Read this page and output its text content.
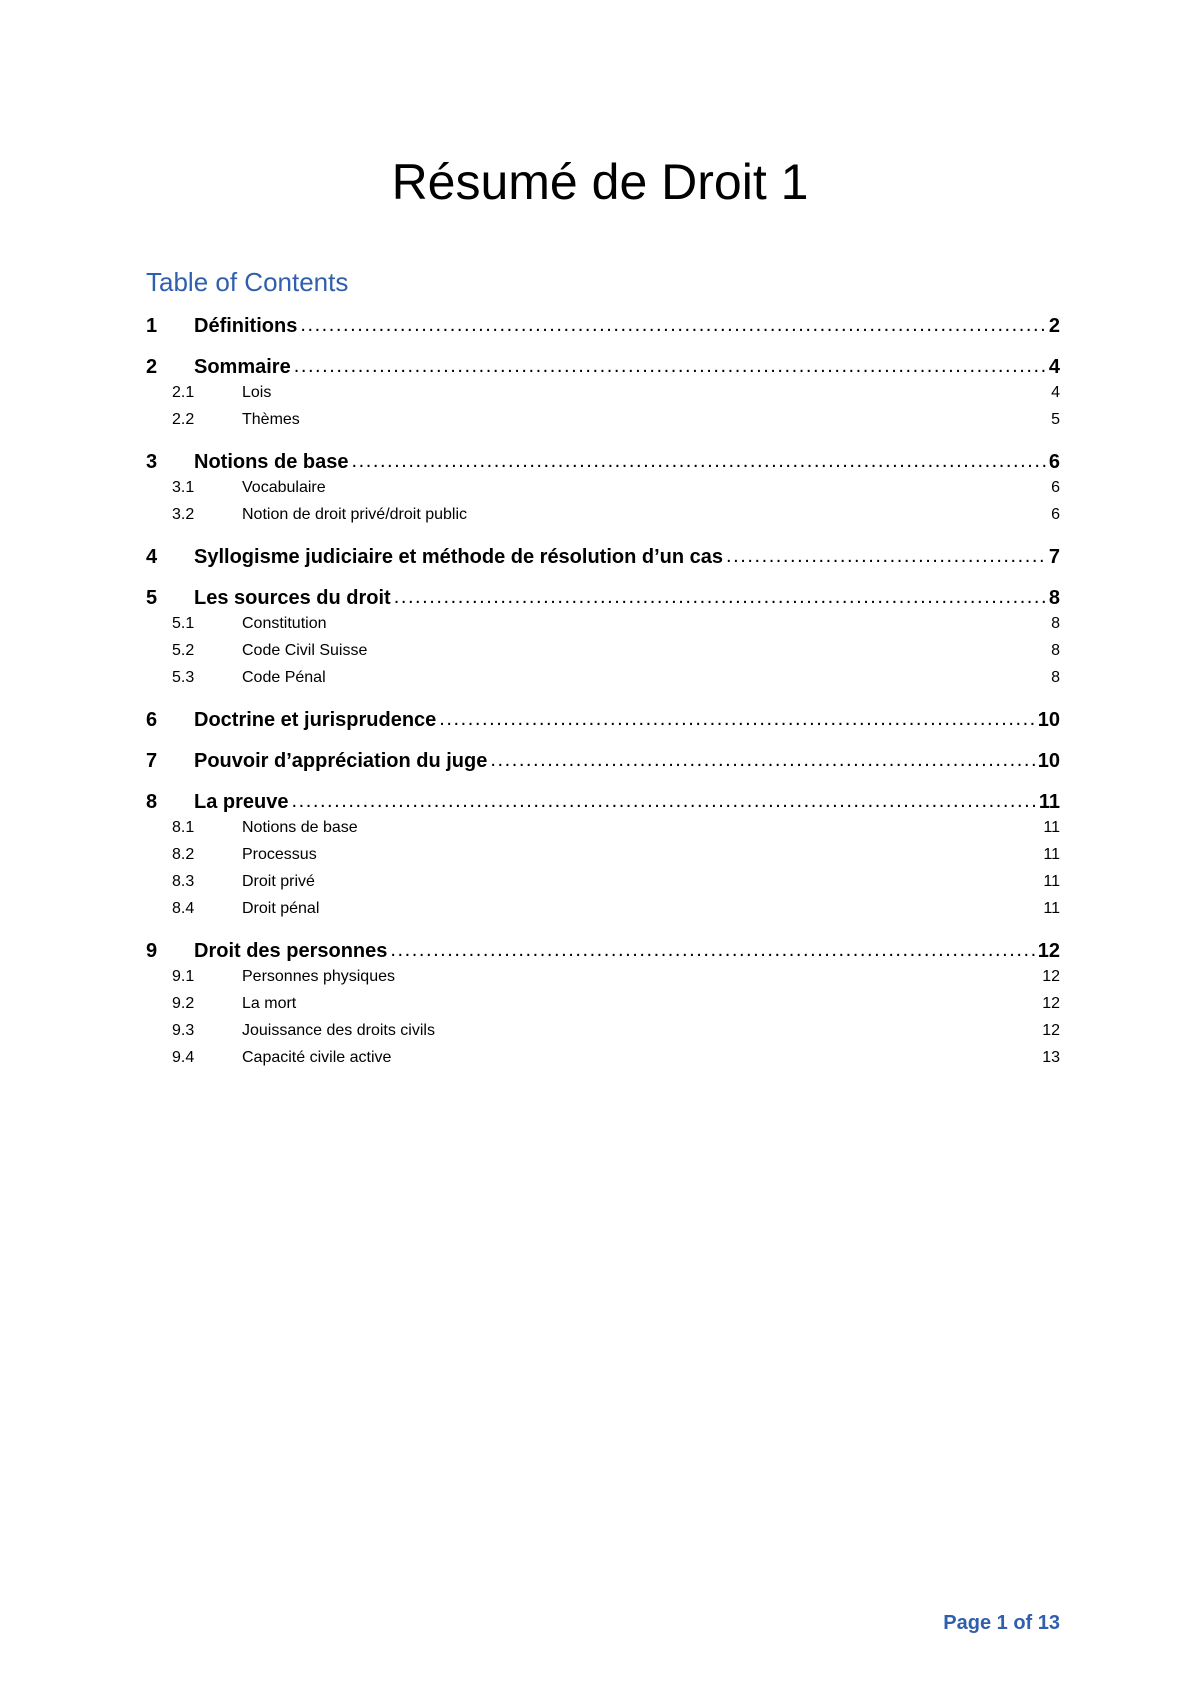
Résumé de Droit 1
Table of Contents
1	Définitions . . .	2
2	Sommaire . . .	4
2.1	Lois . . .	4
2.2	Thèmes . . .	5
3	Notions de base . . .	6
3.1	Vocabulaire . . .	6
3.2	Notion de droit privé/droit public . . .	6
4	Syllogisme judiciaire et méthode de résolution d’un cas . . .	7
5	Les sources du droit . . .	8
5.1	Constitution . . .	8
5.2	Code Civil Suisse . . .	8
5.3	Code Pénal . . .	8
6	Doctrine et jurisprudence . . .	10
7	Pouvoir d’appréciation du juge . . .	10
8	La preuve . . .	11
8.1	Notions de base . . .	11
8.2	Processus . . .	11
8.3	Droit privé . . .	11
8.4	Droit pénal . . .	11
9	Droit des personnes . . .	12
9.1	Personnes physiques . . .	12
9.2	La mort . . .	12
9.3	Jouissance des droits civils . . .	12
9.4	Capacité civile active . . .	13
Page 1 of 13
